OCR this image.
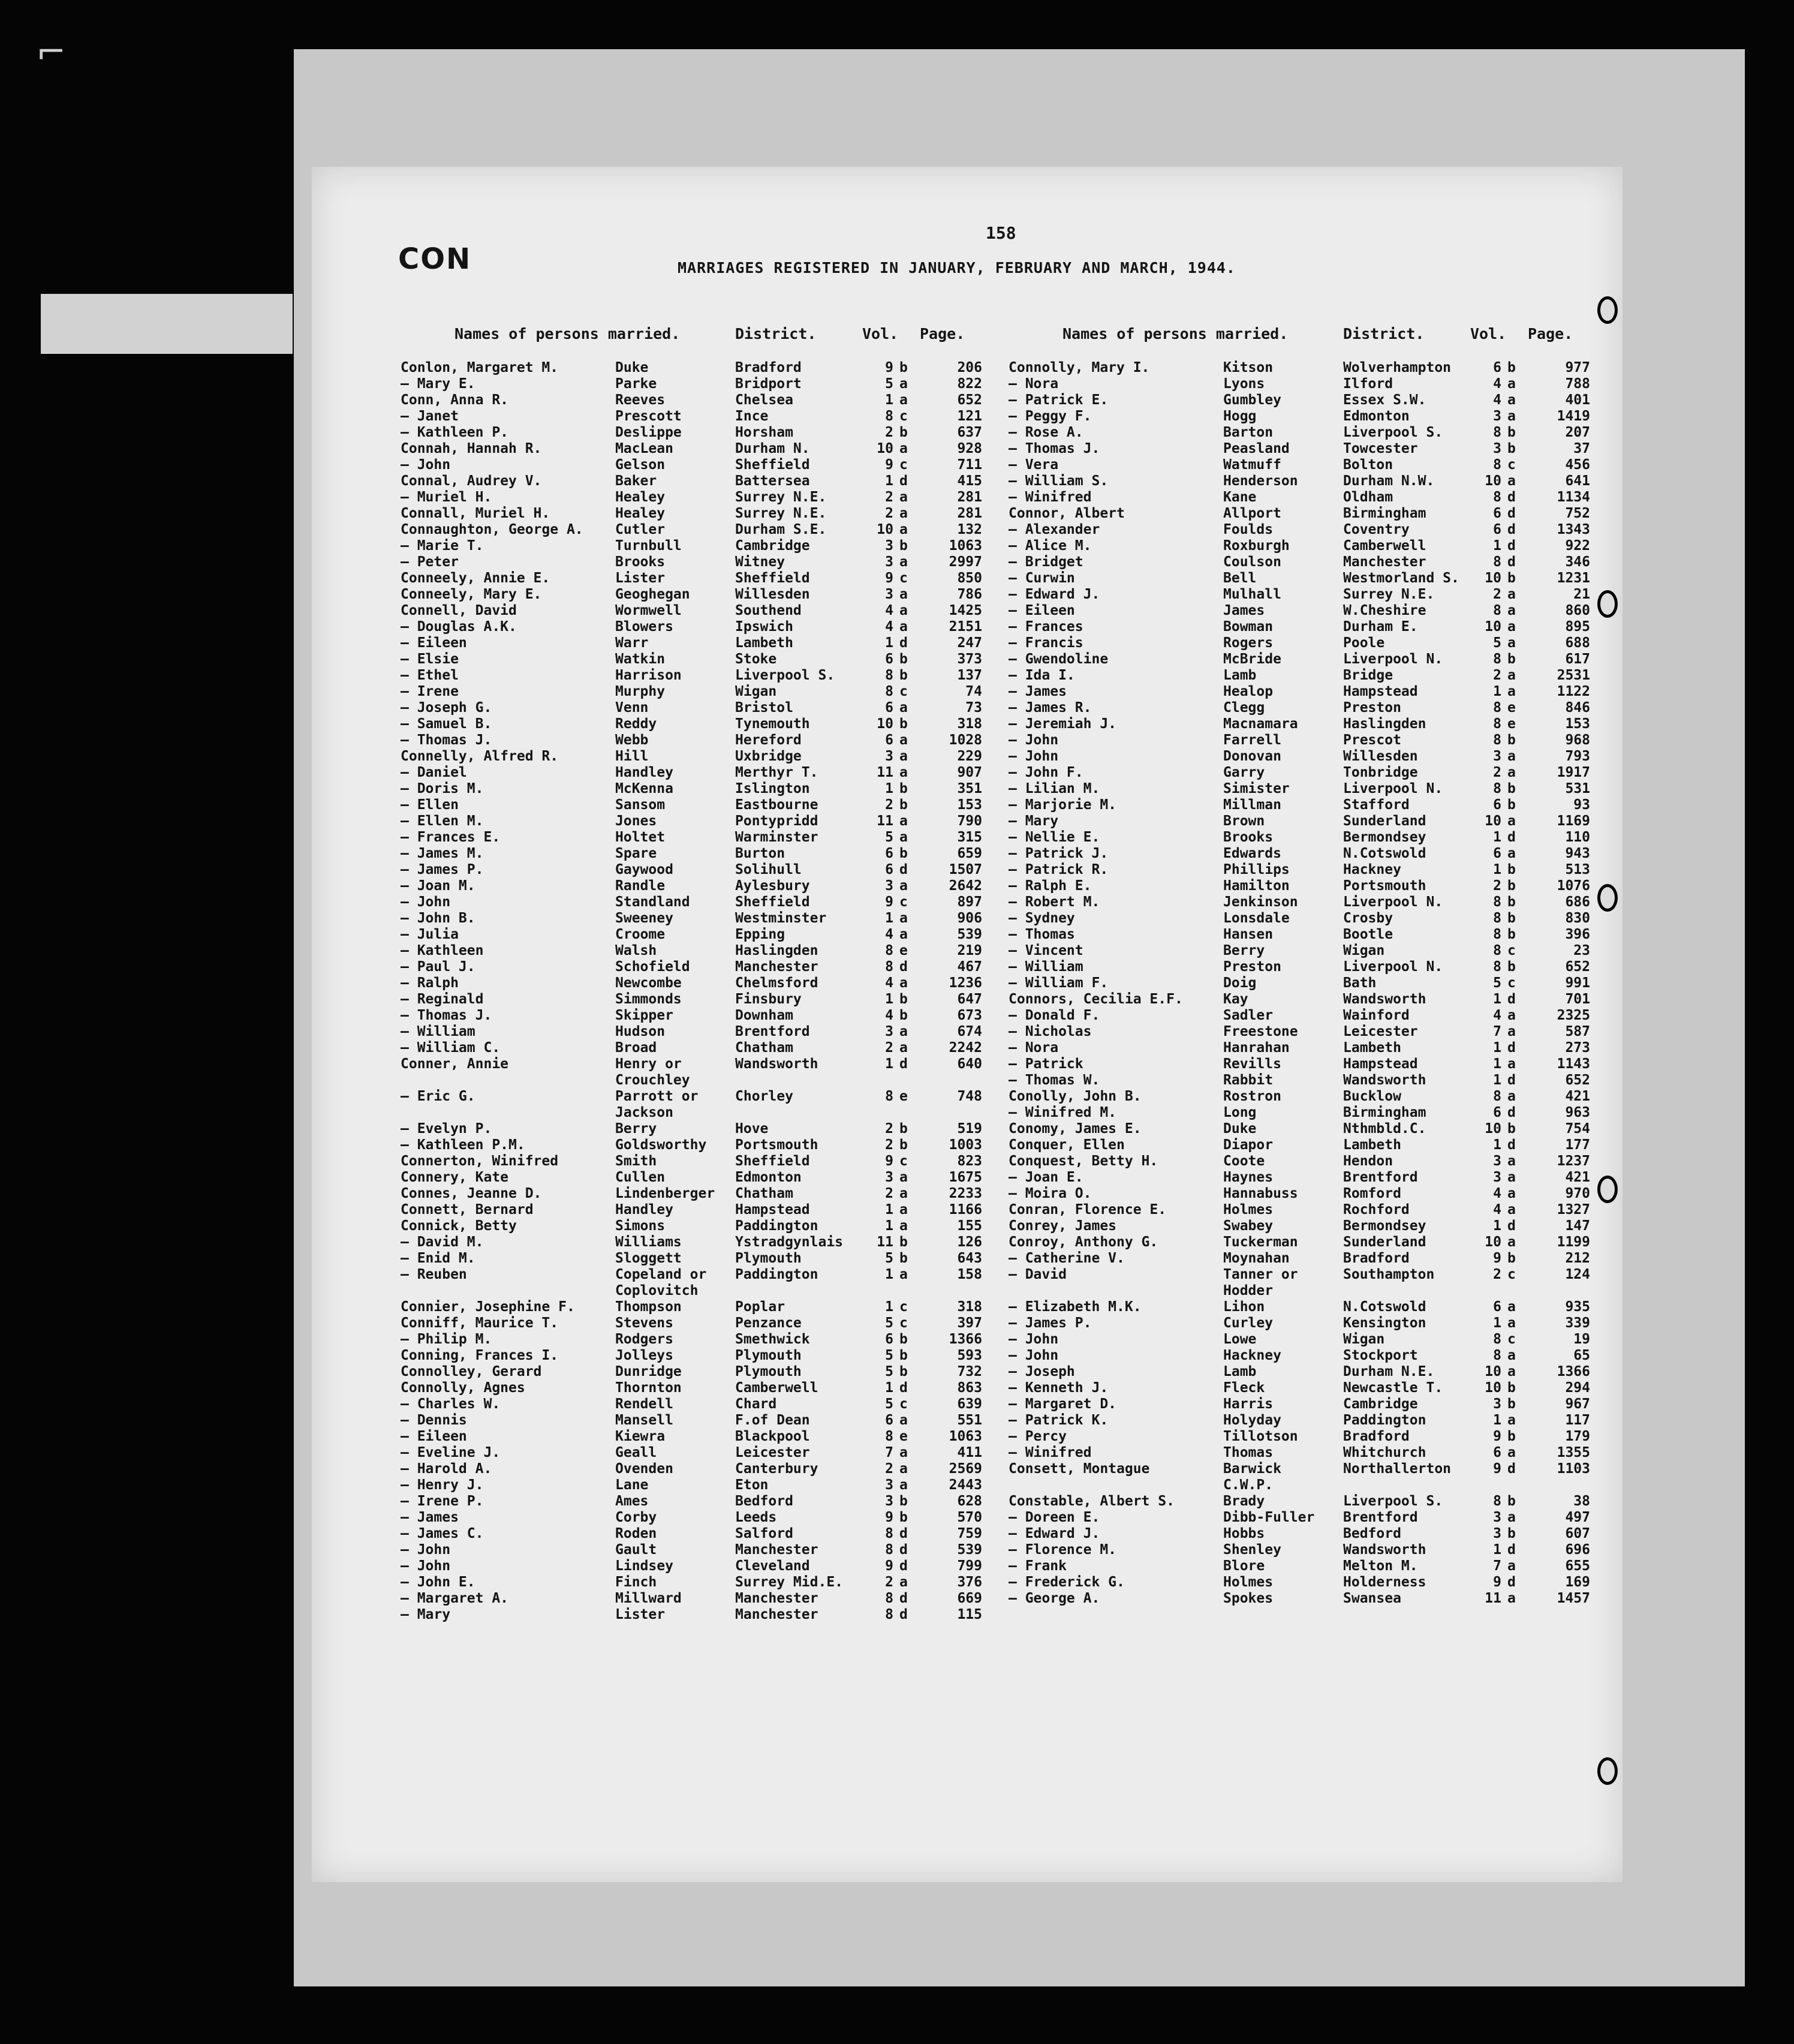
⌐
158
CON	MARRIAGES REGISTERED IN JANUARY, FEBRUARY AND MARCH, 1944.
Names of persons married.	District.	Vol. Page.	Names of persons married.	District.	Vol. Page.
Conlon, Margaret M.	Duke	Bradford	9 b	206
— Mary E.	Parke	Bridport	5 a	822
Conn, Anna R.	Reeves	Chelsea	1 a	652
— Janet	Prescott	Ince	8 c	121
— Kathleen P.	Deslippe	Horsham	2 b	637
Connah, Hannah R.	MacLean	Durham N.	10 a	928
— John	Gelson	Sheffield	9 c	711
Connal, Audrey V.	Baker	Battersea	1 d	415
— Muriel H.	Healey	Surrey N.E.	2 a	281
Connall, Muriel H.	Healey	Surrey N.E.	2 a	281
Connaughton, George A. Cutler	Durham S.E.	10 a	132
— Marie T.	Turnbull	Cambridge	3 b	1063
— Peter	Brooks	Witney	3 a	2997
Conneely, Annie E.	Lister	Sheffield	9 c	850
Conneely, Mary E.	Geoghegan	Willesden	3 a	786
Connell, David	Wormwell	Southend	4 a	1425
— Douglas A.K.	Blowers	Ipswich	4 a	2151
— Eileen	Warr	Lambeth	1 d	247
— Elsie	Watkin	Stoke	6 b	373
— Ethel	Harrison	Liverpool S.	8 b	137
— Irene	Murphy	Wigan	8 c	74
— Joseph G.	Venn	Bristol	6 a	73
— Samuel B.	Reddy	Tynemouth	10 b	318
— Thomas J.	Webb	Hereford	6 a	1028
Connelly, Alfred R.	Hill	Uxbridge	3 a	229
— Daniel	Handley	Merthyr T.	11 a	907
— Doris M.	McKenna	Islington	1 b	351
— Ellen	Sansom	Eastbourne	2 b	153
— Ellen M.	Jones	Pontypridd	11 a	790
— Frances E.	Holtet	Warminster	5 a	315
— James M.	Spare	Burton	6 b	659
— James P.	Gaywood	Solihull	6 d	1507
— Joan M.	Randle	Aylesbury	3 a	2642
— John	Standland	Sheffield	9 c	897
— John B.	Sweeney	Westminster	1 a	906
— Julia	Croome	Epping	4 a	539
— Kathleen	Walsh	Haslingden	8 e	219
— Paul J.	Schofield	Manchester	8 d	467
— Ralph	Newcombe	Chelmsford	4 a	1236
— Reginald	Simmonds	Finsbury	1 b	647
— Thomas J.	Skipper	Downham	4 b	673
— William	Hudson	Brentford	3 a	674
— William C.	Broad	Chatham	2 a	2242
Conner, Annie	Henry or	Wandsworth	1 d	640
Crouchley
— Eric G.	Parrott or	Chorley	8 e	748
Jackson
— Evelyn P.	Berry	Hove	2 b	519
— Kathleen P.M.	Goldsworthy Portsmouth	2 b	1003
Connerton, Winifred	Smith	Sheffield	9 c	823
Connery, Kate	Cullen	Edmonton	3 a	1675
Connes, Jeanne D.	Lindenberger Chatham	2 a	2233
Connett, Bernard	Handley	Hampstead	1 a	1166
Connick, Betty	Simons	Paddington	1 a	155
— David M.	Williams	Ystradgynlais	11 b	126
— Enid M.	Sloggett	Plymouth	5 b	643
— Reuben	Copeland or Paddington	1 a	158
Coplovitch
Connier, Josephine F.	Thompson	Poplar	1 c	318
Conniff, Maurice T.	Stevens	Penzance	5 c	397
— Philip M.	Rodgers	Smethwick	6 b	1366
Conning, Frances I.	Jolleys	Plymouth	5 b	593
Connolley, Gerard	Dunridge	Plymouth	5 b	732
Connolly, Agnes	Thornton	Camberwell	1 d	863
— Charles W.	Rendell	Chard	5 c	639
— Dennis	Mansell	F.of Dean	6 a	551
— Eileen	Kiewra	Blackpool	8 e	1063
— Eveline J.	Geall	Leicester	7 a	411
— Harold A.	Ovenden	Canterbury	2 a	2569
— Henry J.	Lane	Eton	3 a	2443
— Irene P.	Ames	Bedford	3 b	628
— James	Corby	Leeds	9 b	570
— James C.	Roden	Salford	8 d	759
— John	Gault	Manchester	8 d	539
— John	Lindsey	Cleveland	9 d	799
— John E.	Finch	Surrey Mid.E.	2 a	376
— Margaret A.	Millward	Manchester	8 d	669
— Mary	Lister	Manchester	8 d	115
Connolly, Mary I.	Kitson	Wolverhampton	6 b	977
— Nora	Lyons	Ilford	4 a	788
— Patrick E.	Gumbley	Essex S.W.	4 a	401
— Peggy F.	Hogg	Edmonton	3 a	1419
— Rose A.	Barton	Liverpool S.	8 b	207
— Thomas J.	Peasland	Towcester	3 b	37
— Vera	Watmuff	Bolton	8 c	456
— William S.	Henderson	Durham N.W.	10 a	641
— Winifred	Kane	Oldham	8 d	1134
Connor, Albert	Allport	Birmingham	6 d	752
— Alexander	Foulds	Coventry	6 d	1343
— Alice M.	Roxburgh	Camberwell	1 d	922
— Bridget	Coulson	Manchester	8 d	346
— Curwin	Bell	Westmorland S.	10 b	1231
— Edward J.	Mulhall	Surrey N.E.	2 a	21
— Eileen	James	W.Cheshire	8 a	860
— Frances	Bowman	Durham E.	10 a	895
— Francis	Rogers	Poole	5 a	688
— Gwendoline	McBride	Liverpool N.	8 b	617
— Ida I.	Lamb	Bridge	2 a	2531
— James	Healop	Hampstead	1 a	1122
— James R.	Clegg	Preston	8 e	846
— Jeremiah J.	Macnamara	Haslingden	8 e	153
— John	Farrell	Prescot	8 b	968
— John	Donovan	Willesden	3 a	793
— John F.	Garry	Tonbridge	2 a	1917
— Lilian M.	Simister	Liverpool N.	8 b	531
— Marjorie M.	Millman	Stafford	6 b	93
— Mary	Brown	Sunderland	10 a	1169
— Nellie E.	Brooks	Bermondsey	1 d	110
— Patrick J.	Edwards	N.Cotswold	6 a	943
— Patrick R.	Phillips	Hackney	1 b	513
— Ralph E.	Hamilton	Portsmouth	2 b	1076
— Robert M.	Jenkinson	Liverpool N.	8 b	686
— Sydney	Lonsdale	Crosby	8 b	830
— Thomas	Hansen	Bootle	8 b	396
— Vincent	Berry	Wigan	8 c	23
— William	Preston	Liverpool N.	8 b	652
— William F.	Doig	Bath	5 c	991
Connors, Cecilia E.F.	Kay	Wandsworth	1 d	701
— Donald F.	Sadler	Wainford	4 a	2325
— Nicholas	Freestone	Leicester	7 a	587
— Nora	Hanrahan	Lambeth	1 d	273
— Patrick	Revills	Hampstead	1 a	1143
— Thomas W.	Rabbit	Wandsworth	1 d	652
Conolly, John B.	Rostron	Bucklow	8 a	421
— Winifred M.	Long	Birmingham	6 d	963
Conomy, James E.	Duke	Nthmbld.C.	10 b	754
Conquer, Ellen	Diapor	Lambeth	1 d	177
Conquest, Betty H.	Coote	Hendon	3 a	1237
— Joan E.	Haynes	Brentford	3 a	421
— Moira O.	Hannabuss	Romford	4 a	970
Conran, Florence E.	Holmes	Rochford	4 a	1327
Conrey, James	Swabey	Bermondsey	1 d	147
Conroy, Anthony G.	Tuckerman	Sunderland	10 a	1199
— Catherine V.	Moynahan	Bradford	9 b	212
— David	Tanner or	Southampton	2 c	124
Hodder
— Elizabeth M.K.	Lihon	N.Cotswold	6 a	935
— James P.	Curley	Kensington	1 a	339
— John	Lowe	Wigan	8 c	19
— John	Hackney	Stockport	8 a	65
— Joseph	Lamb	Durham N.E.	10 a	1366
— Kenneth J.	Fleck	Newcastle T.	10 b	294
— Margaret D.	Harris	Cambridge	3 b	967
— Patrick K.	Holyday	Paddington	1 a	117
— Percy	Tillotson	Bradford	9 b	179
— Winifred	Thomas	Whitchurch	6 a	1355
Consett, Montague	Barwick	Northallerton	9 d	1103
C.W.P.
Constable, Albert S.	Brady	Liverpool S.	8 b	38
— Doreen E.	Dibb-Fuller Brentford	3 a	497
— Edward J.	Hobbs	Bedford	3 b	607
— Florence M.	Shenley	Wandsworth	1 d	696
— Frank	Blore	Melton M.	7 a	655
— Frederick G.	Holmes	Holderness	9 d	169
— George A.	Spokes	Swansea	11 a	1457
